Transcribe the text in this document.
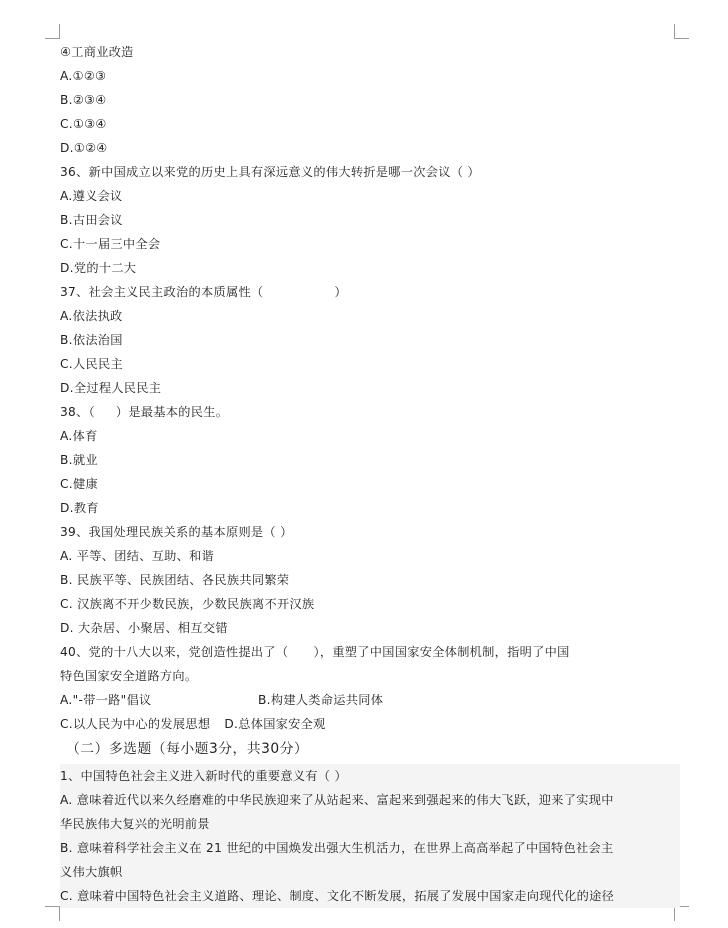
④工商业改造
A.①②③
B.②③④
C.①③④
D.①②④
36、新中国成立以来党的历史上具有深远意义的伟大转折是哪一次会议（ ）
A.遵义会议
B.古田会议
C.十一届三中全会
D.党的十二大
37、社会主义民主政治的本质属性（                 ）
A.依法执政
B.依法治国
C.人民民主
D.全过程人民民主
38、（     ）是最基本的民生。
A.体育
B.就业
C.健康
D.教育
39、我国处理民族关系的基本原则是（ ）
A. 平等、团结、互助、和谐
B. 民族平等、民族团结、各民族共同繁荣
C. 汉族离不开少数民族，少数民族离不开汉族
D. 大杂居、小聚居、相互交错
40、党的十八大以来，党创造性提出了（      ），重塑了中国国家安全体制机制，指明了中国
特色国家安全道路方向。
A."-带一路"倡议	B.构建人类命运共同体
C.以人民为中心的发展思想 D.总体国家安全观
（二）多选题（每小题3分，共30分）
1、中国特色社会主义进入新时代的重要意义有（ ）
A. 意味着近代以来久经磨难的中华民族迎来了从站起来、富起来到强起来的伟大飞跃，迎来了实现中
华民族伟大复兴的光明前景
B. 意味着科学社会主义在 21 世纪的中国焕发出强大生机活力，在世界上高高举起了中国特色社会主
义伟大旗帜
C. 意味着中国特色社会主义道路、理论、制度、文化不断发展，拓展了发展中国家走向现代化的途径
